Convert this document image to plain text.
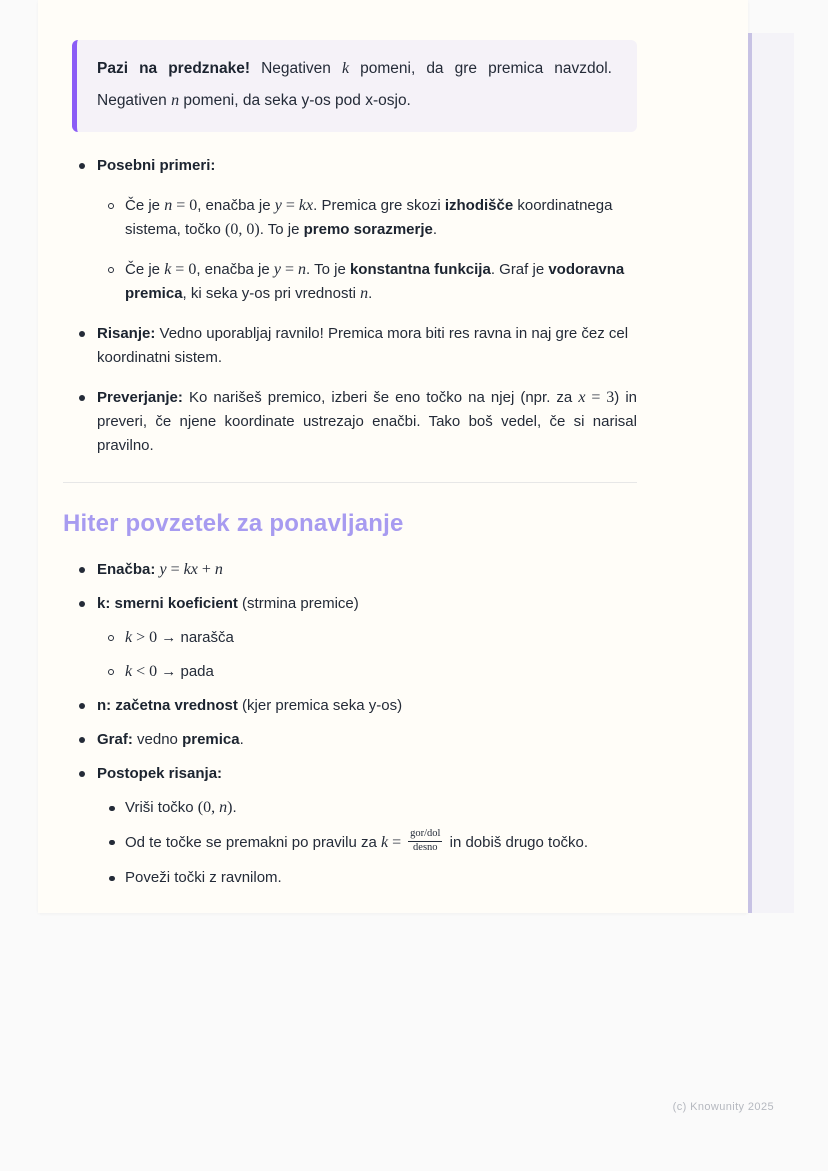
Pazi na predznake! Negativen k pomeni, da gre premica navzdol. Negativen n pomeni, da seka y-os pod x-osjo.

Posebni primeri:
Če je n = 0, enačba je y = kx. Premica gre skozi izhodišče koordinatnega sistema, točko (0, 0). To je premo sorazmerje.
Če je k = 0, enačba je y = n. To je konstantna funkcija. Graf je vodoravna premica, ki seka y-os pri vrednosti n.
Risanje: Vedno uporabljaj ravnilo! Premica mora biti res ravna in naj gre čez cel koordinatni sistem.
Preverjanje: Ko narišeš premico, izberi še eno točko na njej (npr. za x = 3) in preveri, če njene koordinate ustrezajo enačbi. Tako boš vedel, če si narisal pravilno.
Hiter povzetek za ponavljanje
Enačba: y = kx + n
k: smerni koeficient (strmina premice)
k > 0 → narašča
k < 0 → pada
n: začetna vrednost (kjer premica seka y-os)
Graf: vedno premica.
Postopek risanja:
Vriši točko (0, n).
Od te točke se premakni po pravilu za $k = \frac{\text{gor/dol}}{\text{desno}}$ in dobiš drugo točko.
Poveži točki z ravnilom.
(c) Knowunity 2025
